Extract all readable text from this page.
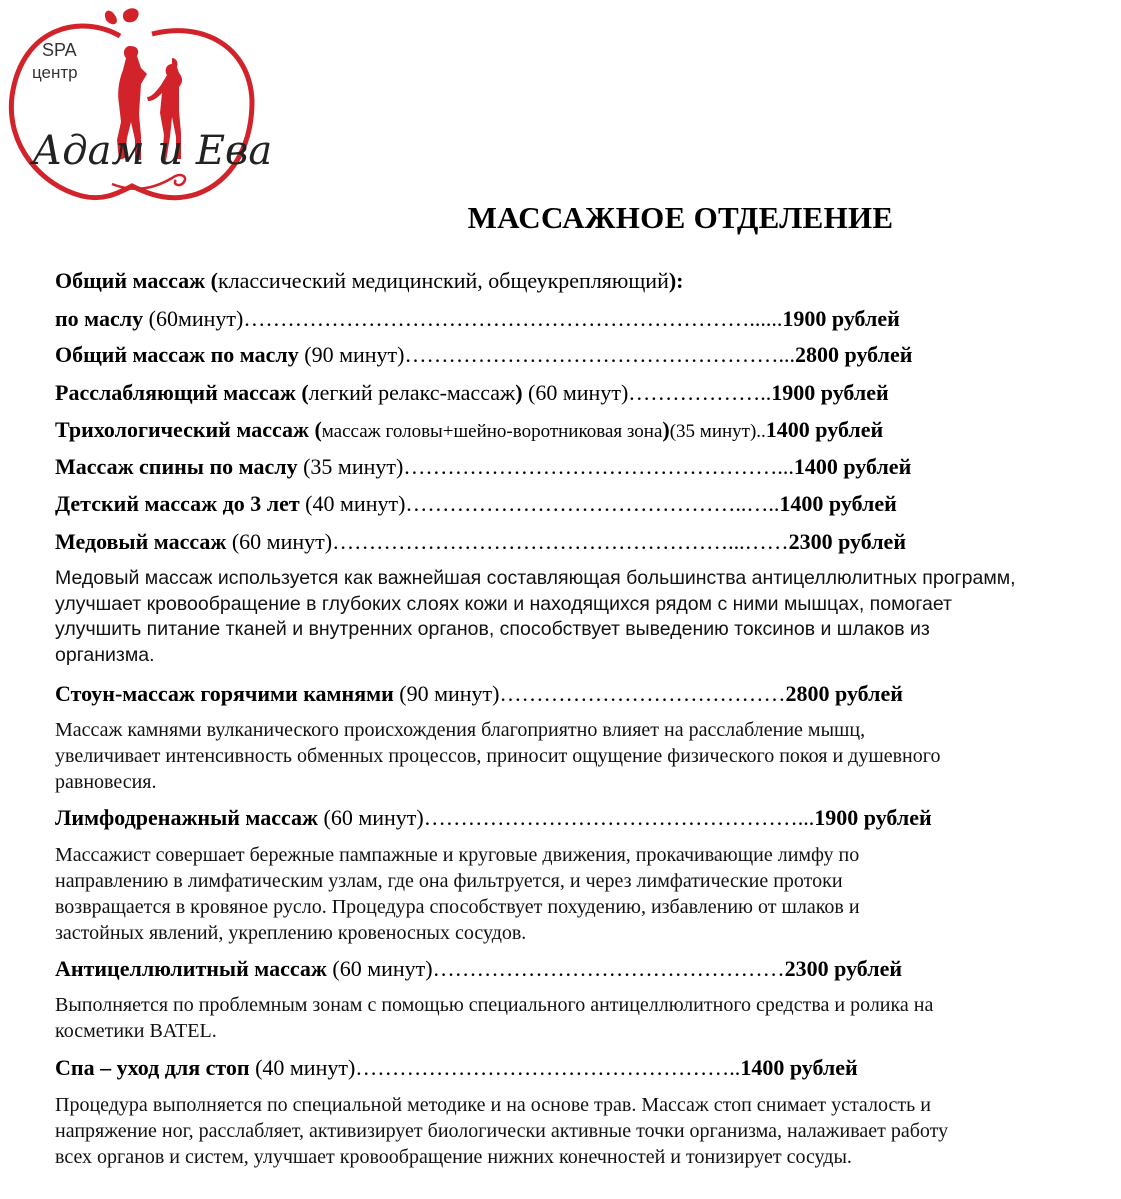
SPA
центр
Адам и Ева
МАССАЖНОЕ ОТДЕЛЕНИЕ
Общий массаж (классический медицинский, общеукрепляющий):
по маслу (60минут)……………………………………………………………......1900 рублей
Общий массаж по маслу (90 минут)……………………………………………...2800 рублей
Расслабляющий массаж (легкий релакс-массаж) (60 минут)………………..1900 рублей
Трихологический массаж (массаж головы+шейно-воротниковая зона)(35 минут)..1400 рублей
Массаж спины по маслу (35 минут)……………………………………………...1400 рублей
Детский массаж до 3 лет (40 минут)………………………………………..…..1400 рублей
Медовый массаж (60 минут)………………………………………………...……2300 рублей
Медовый массаж используется как важнейшая составляющая большинства антицеллюлитных программ,
улучшает кровообращение в глубоких слоях кожи и находящихся рядом с ними мышцах, помогает
улучшить питание тканей и внутренних органов, способствует выведению токсинов и шлаков из
организма.
Стоун-массаж горячими камнями (90 минут)…………………………………2800 рублей
Массаж камнями вулканического происхождения благоприятно влияет на расслабление мышц,
увеличивает интенсивность обменных процессов, приносит ощущение физического покоя и душевного
равновесия.
Лимфодренажный массаж (60 минут)……………………………………………...1900 рублей
Массажист совершает бережные пампажные и круговые движения, прокачивающие лимфу по
направлению в лимфатическим узлам, где она фильтруется, и через лимфатические протоки
возвращается в кровяное русло. Процедура способствует похудению, избавлению от шлаков и
застойных явлений, укреплению кровеносных сосудов.
Антицеллюлитный массаж (60 минут)…………………………………………2300 рублей
Выполняется по проблемным зонам с помощью специального антицеллюлитного средства и ролика на
косметики BATEL.
Спа – уход для стоп (40 минут)……………………………………………..1400 рублей
Процедура выполняется по специальной методике и на основе трав. Массаж стоп снимает усталость и
напряжение ног, расслабляет, активизирует биологически активные точки организма, налаживает работу
всех органов и систем, улучшает кровообращение нижних конечностей и тонизирует сосуды.
